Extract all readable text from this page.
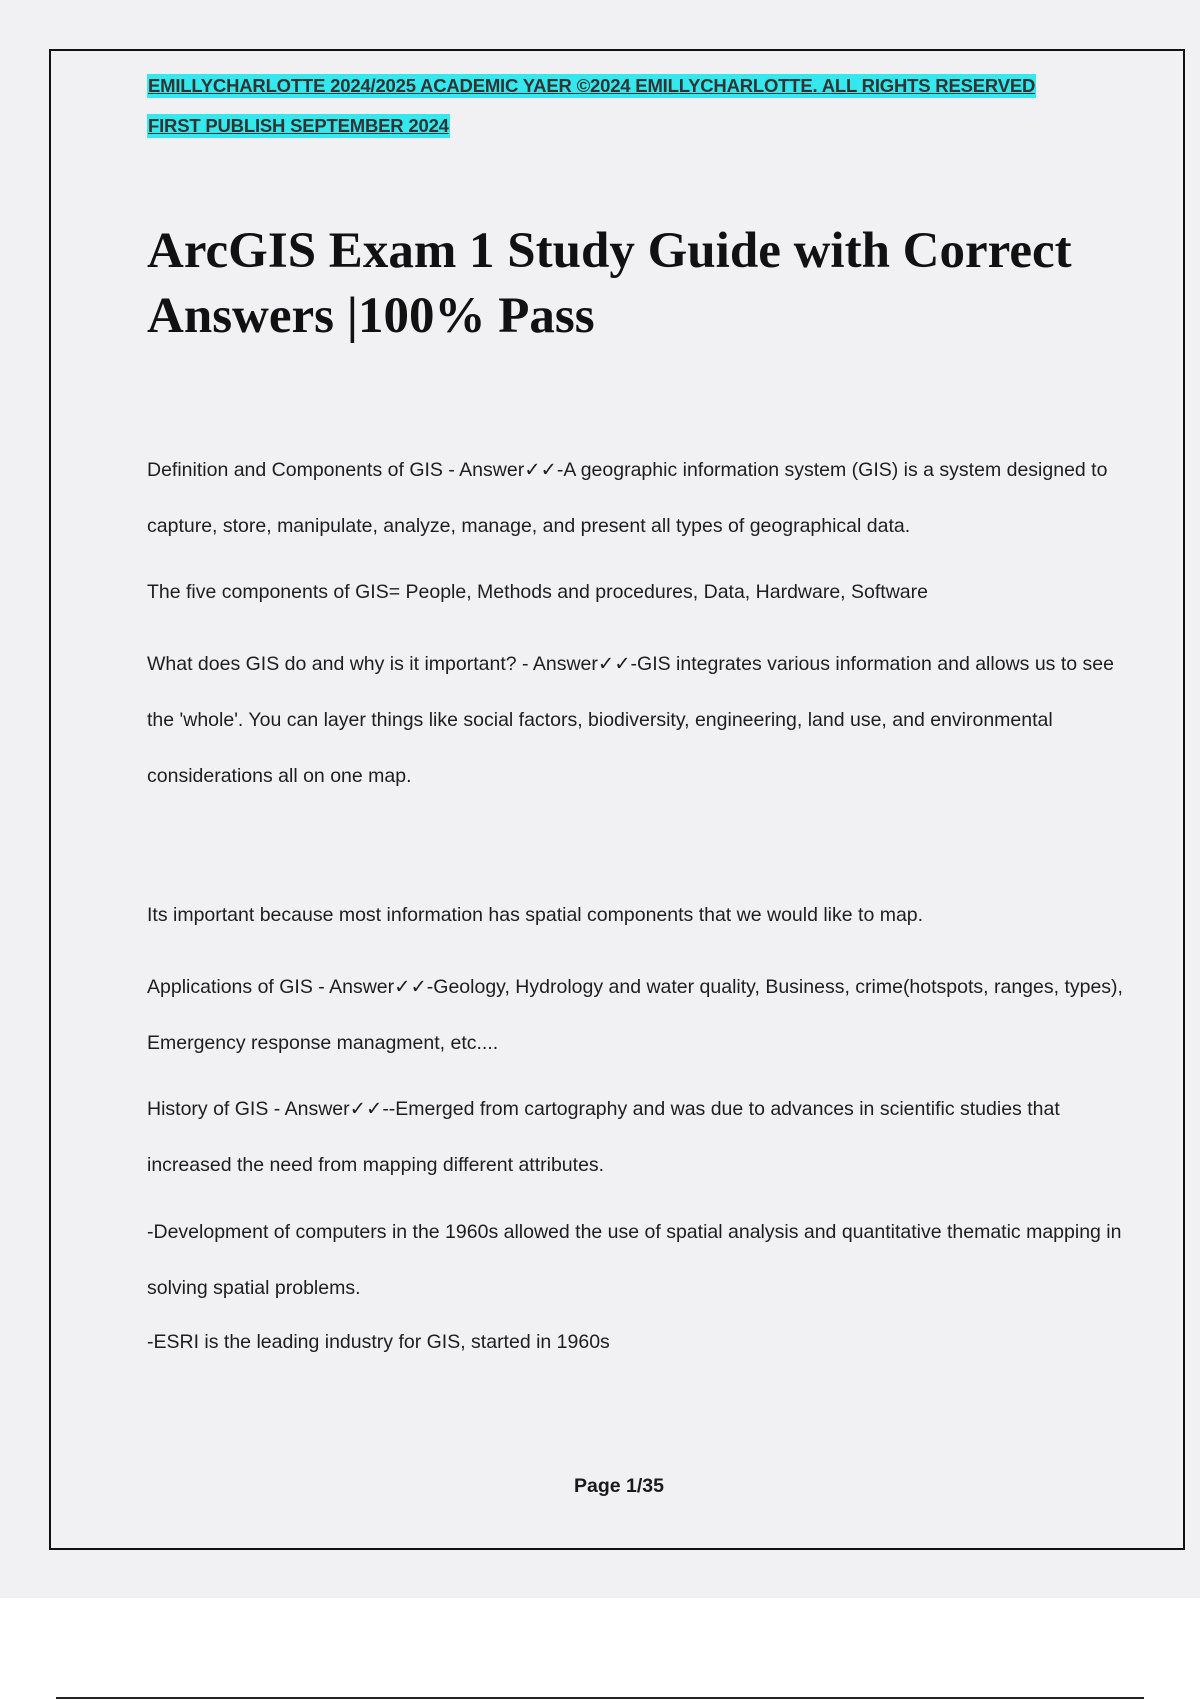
EMILLYCHARLOTTE 2024/2025 ACADEMIC YAER ©2024 EMILLYCHARLOTTE. ALL RIGHTS RESERVED
FIRST PUBLISH SEPTEMBER 2024
ArcGIS Exam 1 Study Guide with Correct Answers |100% Pass

Definition and Components of GIS - Answer✓✓-A geographic information system (GIS) is a system designed to capture, store, manipulate, analyze, manage, and present all types of geographical data.

The five components of GIS= People, Methods and procedures, Data, Hardware, Software

What does GIS do and why is it important? - Answer✓✓-GIS integrates various information and allows us to see the 'whole'. You can layer things like social factors, biodiversity, engineering, land use, and environmental considerations all on one map.

Its important because most information has spatial components that we would like to map.

Applications of GIS - Answer✓✓-Geology, Hydrology and water quality, Business, crime(hotspots, ranges, types), Emergency response managment, etc....

History of GIS - Answer✓✓--Emerged from cartography and was due to advances in scientific studies that increased the need from mapping different attributes.

-Development of computers in the 1960s allowed the use of spatial analysis and quantitative thematic mapping in solving spatial problems.

-ESRI is the leading industry for GIS, started in 1960s

Page 1/35
